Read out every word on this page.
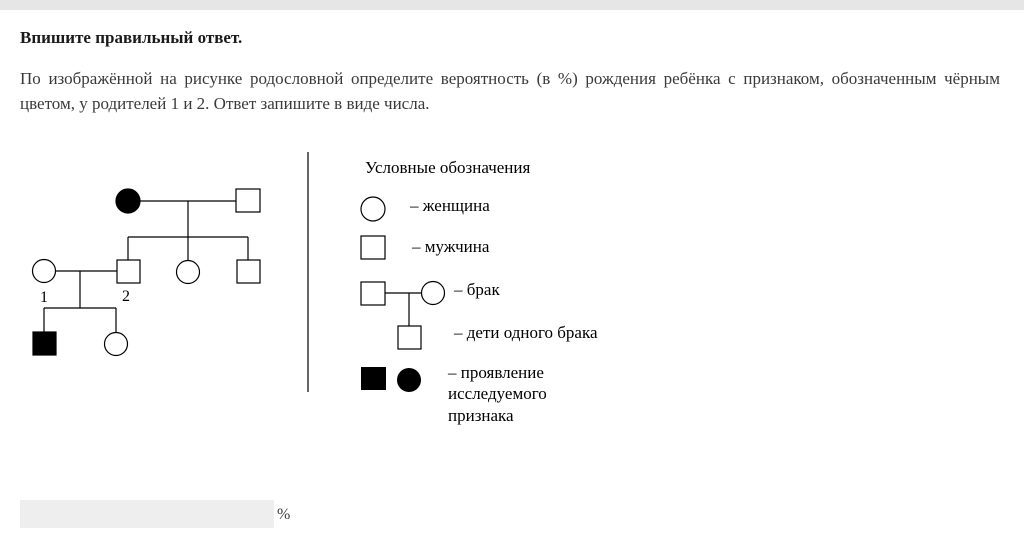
Впишите правильный ответ.
По изображённой на рисунке родословной определите вероятность (в %) рождения ребёнка с признаком, обозначенным чёрным цветом, у родителей 1 и 2. Ответ запишите в виде числа.
1	2
Условные обозначения
– женщина
– мужчина
– брак
– дети одного брака
– проявление
исследуемого
признака
%
